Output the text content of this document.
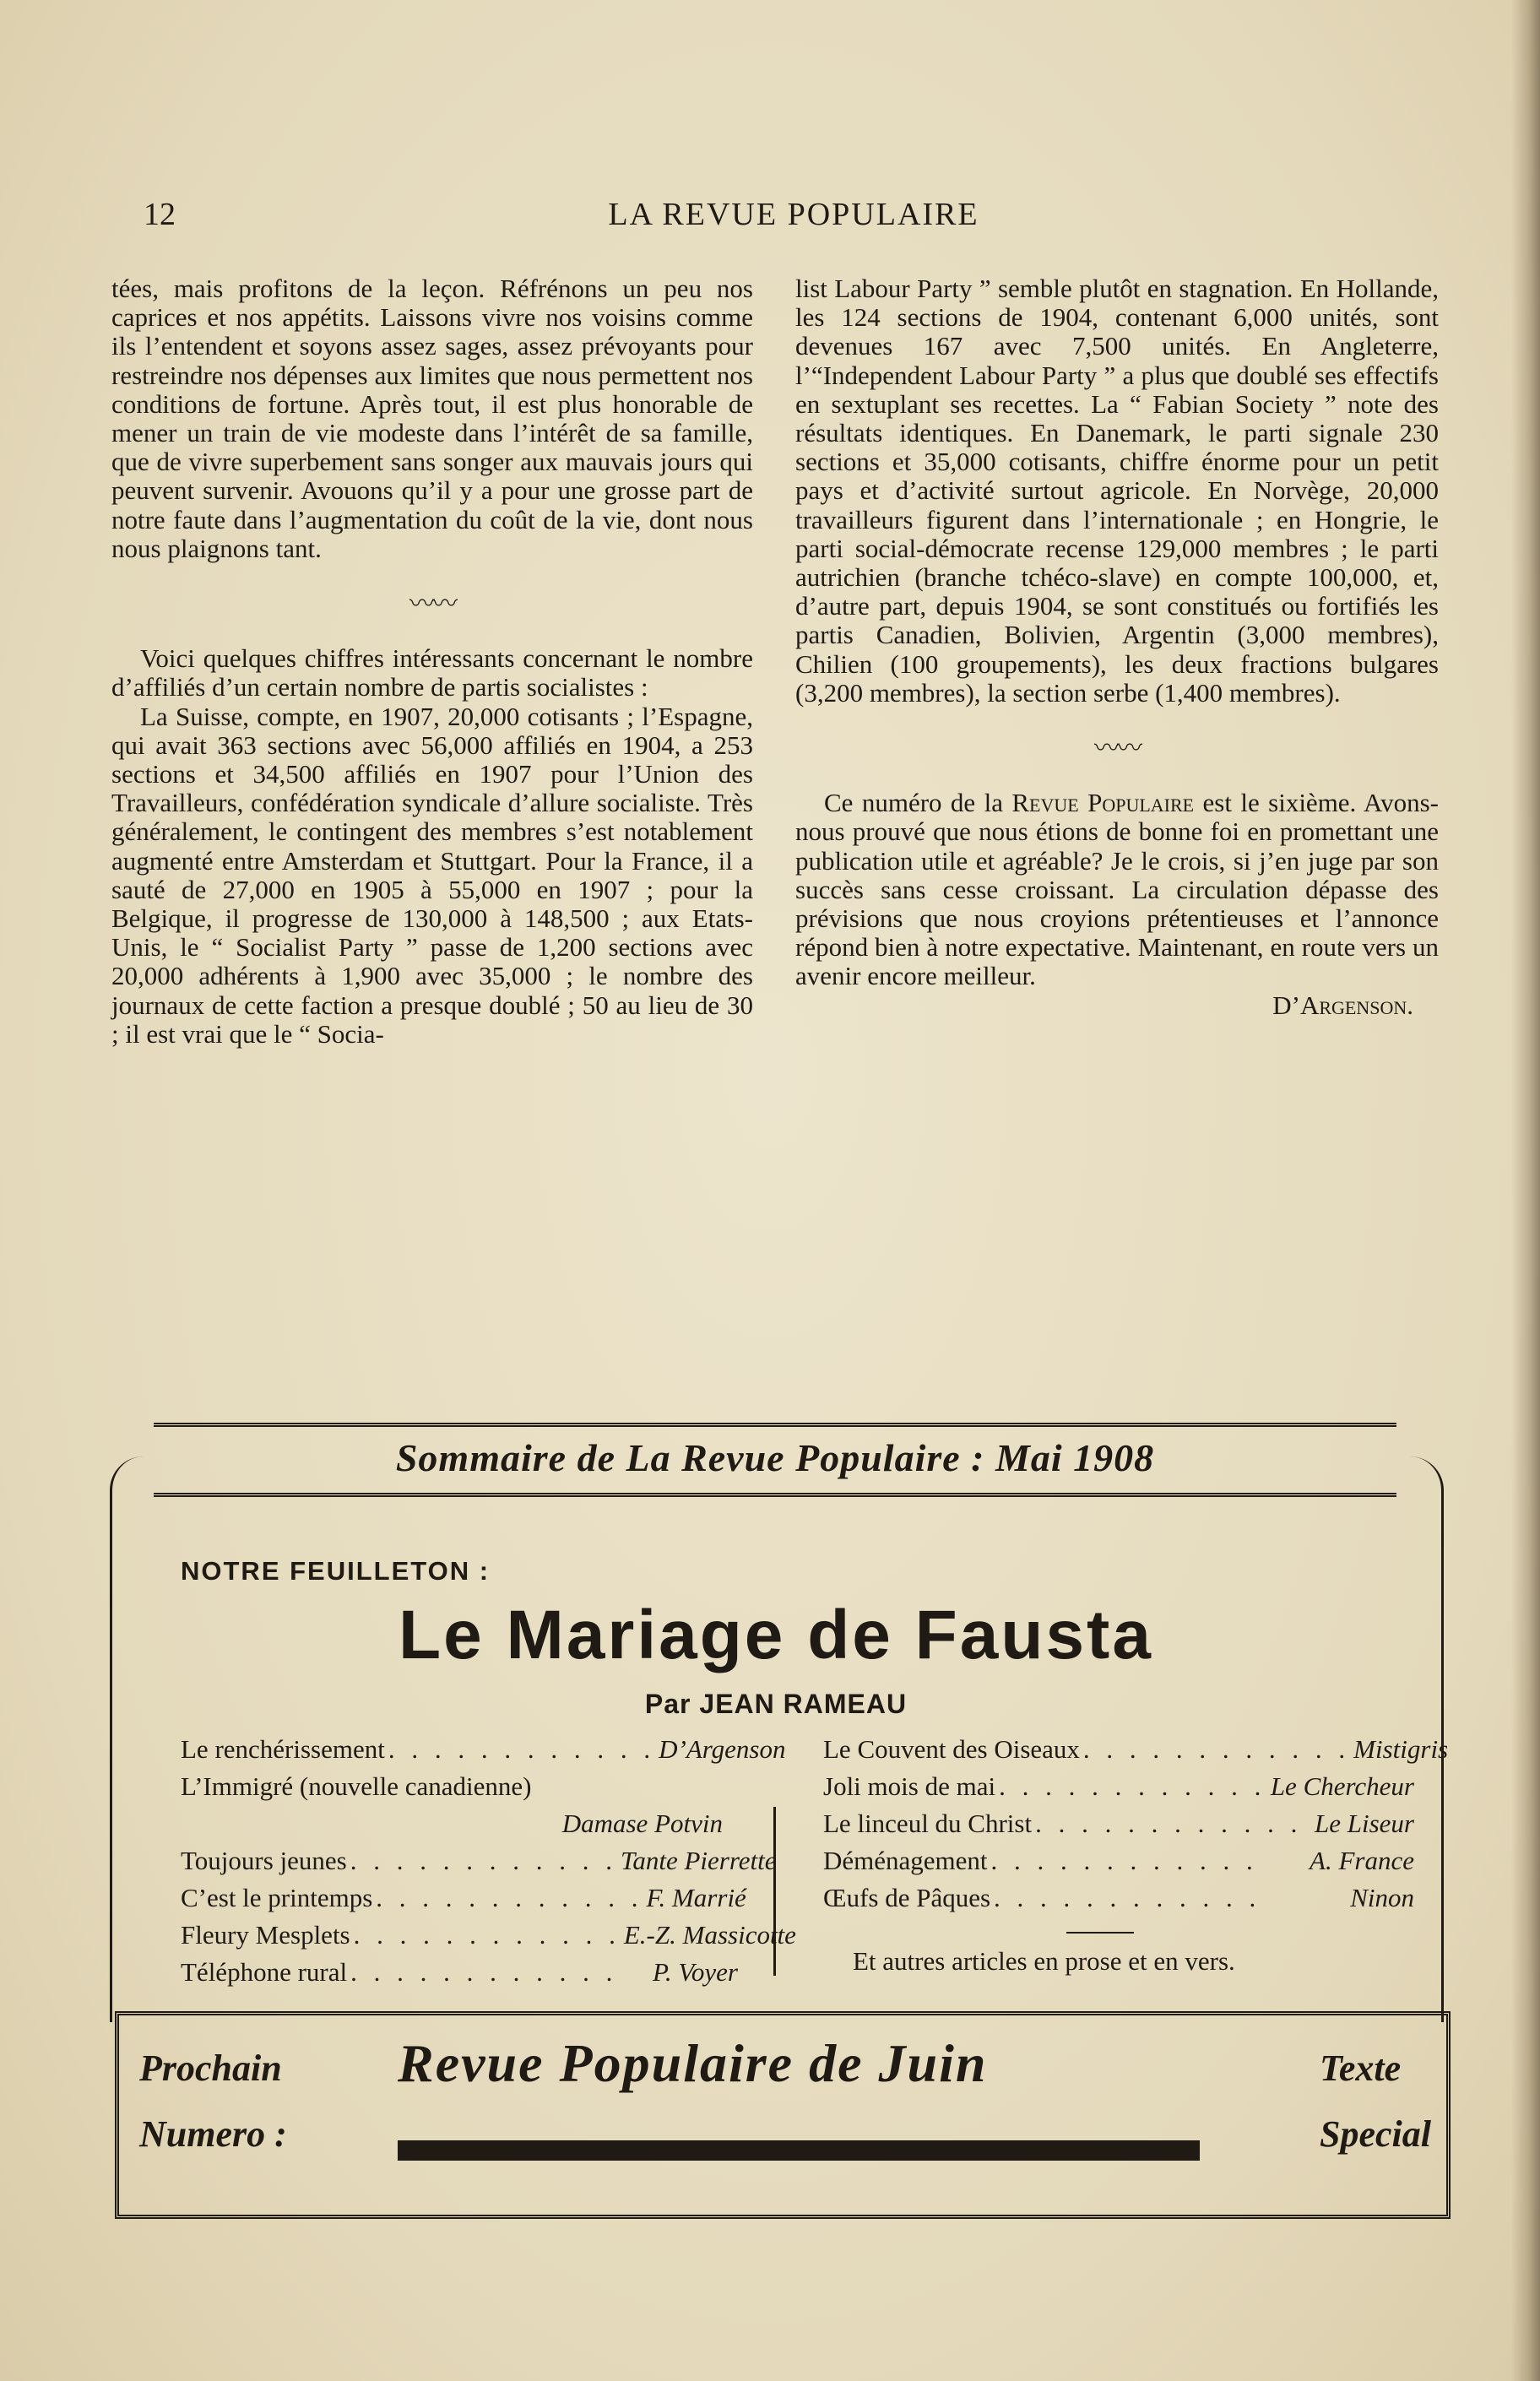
12	LA REVUE POPULAIRE

tées, mais profitons de la leçon. Réfrénons un peu nos caprices et nos appétits. Laissons vivre nos voisins comme ils l’entendent et soyons assez sages, assez prévoyants pour restreindre nos dépenses aux limites que nous permettent nos conditions de fortune. Après tout, il est plus honorable de mener un train de vie modeste dans l’intérêt de sa famille, que de vivre superbement sans songer aux mauvais jours qui peuvent survenir. Avouons qu’il y a pour une grosse part de notre faute dans l’augmentation du coût de la vie, dont nous nous plaignons tant.

〰〰

Voici quelques chiffres intéressants concernant le nombre d’affiliés d’un certain nombre de partis socialistes :

La Suisse, compte, en 1907, 20,000 cotisants ; l’Espagne, qui avait 363 sections avec 56,000 affiliés en 1904, a 253 sections et 34,500 affiliés en 1907 pour l’Union des Travailleurs, confédération syndicale d’allure socialiste. Très généralement, le contingent des membres s’est notablement augmenté entre Amsterdam et Stuttgart. Pour la France, il a sauté de 27,000 en 1905 à 55,000 en 1907 ; pour la Belgique, il progresse de 130,000 à 148,500 ; aux Etats-Unis, le “ Socialist Party ” passe de 1,200 sections avec 20,000 adhérents à 1,900 avec 35,000 ; le nombre des journaux de cette faction a presque doublé ; 50 au lieu de 30 ; il est vrai que le “ Socia-

list Labour Party ” semble plutôt en stagnation. En Hollande, les 124 sections de 1904, contenant 6,000 unités, sont devenues 167 avec 7,500 unités. En Angleterre, l’“Independent Labour Party ” a plus que doublé ses effectifs en sextuplant ses recettes. La “ Fabian Society ” note des résultats identiques. En Danemark, le parti signale 230 sections et 35,000 cotisants, chiffre énorme pour un petit pays et d’activité surtout agricole. En Norvège, 20,000 travailleurs figurent dans l’internationale ; en Hongrie, le parti social-démocrate recense 129,000 membres ; le parti autrichien (branche tchéco-slave) en compte 100,000, et, d’autre part, depuis 1904, se sont constitués ou fortifiés les partis Canadien, Bolivien, Argentin (3,000 membres), Chilien (100 groupements), les deux fractions bulgares (3,200 membres), la section serbe (1,400 membres).

〰〰

Ce numéro de la Revue Populaire est le sixième. Avons-nous prouvé que nous étions de bonne foi en promettant une publication utile et agréable? Je le crois, si j’en juge par son succès sans cesse croissant. La circulation dépasse des prévisions que nous croyions prétentieuses et l’annonce répond bien à notre expectative. Maintenant, en route vers un avenir encore meilleur.

D’Argenson.

Sommaire de La Revue Populaire : Mai 1908
NOTRE FEUILLETON :
Le Mariage de Fausta
Par JEAN RAMEAU
Le renchérissement . . . . . . . . . . . . D’Argenson
L’Immigré (nouvelle canadienne)
Damase Potvin
Toujours jeunes . . . . . . . . . . . . Tante Pierrette
C’est le printemps . . . . . . . . . . . . F. Marrié
Fleury Mesplets . . . . . . . . . . . . E.-Z. Massicotte
Téléphone rural . . . . . . . . . . . .	P. Voyer
Le Couvent des Oiseaux . . . . . . . . . . . . Mistigris
Joli mois de mai . . . . . . . . . . . . Le Chercheur
Le linceul du Christ . . . . . . . . . . . . Le Liseur
Déménagement . . . . . . . . . . . .	A. France
Œufs de Pâques . . . . . . . . . . . .	Ninon
Et autres articles en prose et en vers.
Prochain
Numero :
Revue Populaire de Juin	Texte
Special
